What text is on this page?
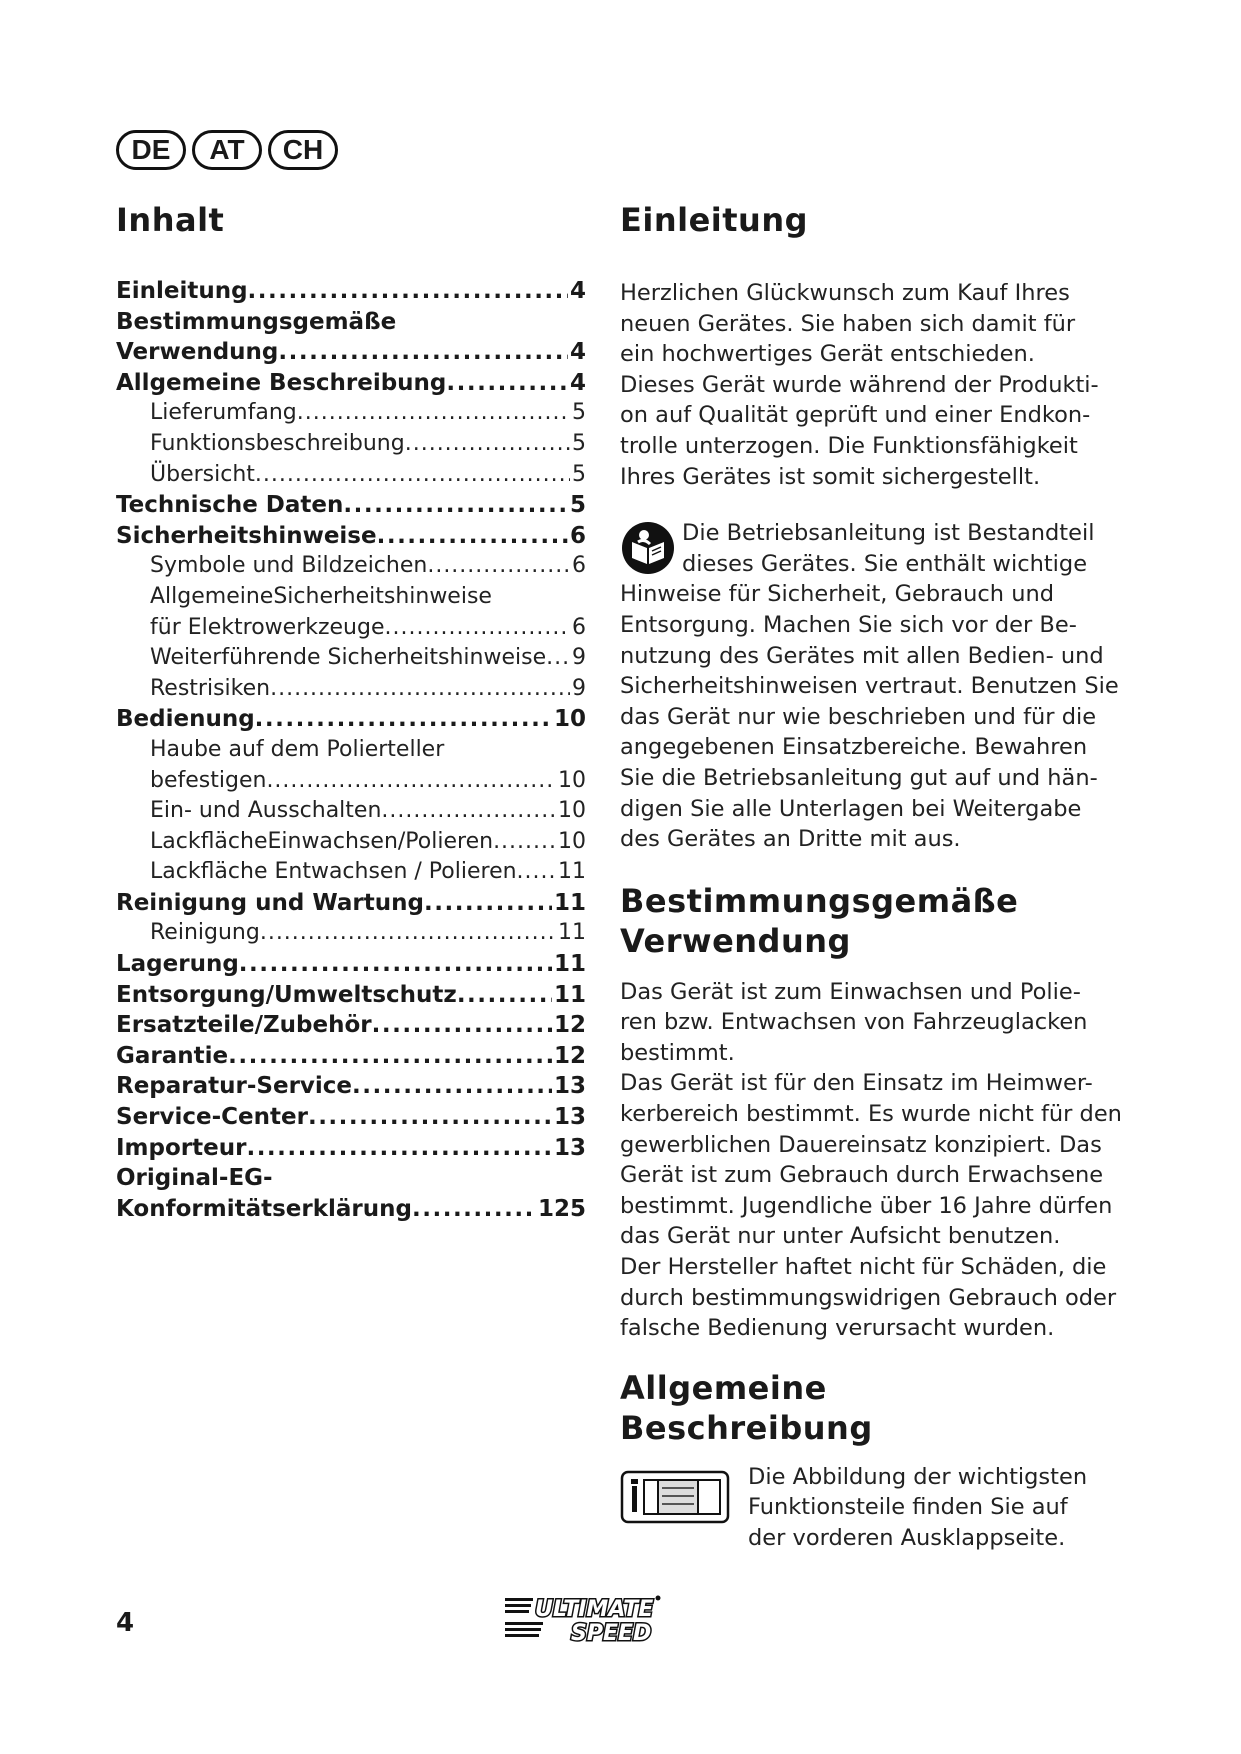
DE	AT	CH
Inhalt
Einleitung .....	4
Bestimmungsgemäße
Verwendung .....	4
Allgemeine Beschreibung .....	4
Lieferumfang .....	5
Funktionsbeschreibung .....	5
Übersicht .....	5
Technische Daten .....	5
Sicherheitshinweise .....	6
Symbole und Bildzeichen .....	6
AllgemeineSicherheitshinweise
für Elektrowerkzeuge .....	6
Weiterführende Sicherheitshinweise ..... 9
Restrisiken .....	9
Bedienung .....	10
Haube auf dem Polierteller
befestigen .....	10
Ein- und Ausschalten .....	10
LackflächeEinwachsen/Polieren .....	10
Lackfläche Entwachsen / Polieren ..... 11
Reinigung und Wartung .....	11
Reinigung .....	11
Lagerung .....	11
Entsorgung/Umweltschutz .....	11
Ersatzteile/Zubehör .....	12
Garantie .....	12
Reparatur-Service .....	13
Service-Center .....	13
Importeur .....	13
Original-EG-
Konformitätserklärung .....	125
Einleitung

Herzlichen Glückwunsch zum Kauf Ihres
neuen Gerätes. Sie haben sich damit für
ein hochwertiges Gerät entschieden.
Dieses Gerät wurde während der Produkti-
on auf Qualität geprüft und einer Endkon-
trolle unterzogen. Die Funktionsfähigkeit
Ihres Gerätes ist somit sichergestellt.

Die Betriebsanleitung ist Bestandteil
dieses Gerätes. Sie enthält wichtige
Hinweise für Sicherheit, Gebrauch und
Entsorgung. Machen Sie sich vor der Be-
nutzung des Gerätes mit allen Bedien- und
Sicherheitshinweisen vertraut. Benutzen Sie
das Gerät nur wie beschrieben und für die
angegebenen Einsatzbereiche. Bewahren
Sie die Betriebsanleitung gut auf und hän-
digen Sie alle Unterlagen bei Weitergabe
des Gerätes an Dritte mit aus.

Bestimmungsgemäße
Verwendung

Das Gerät ist zum Einwachsen und Polie-
ren bzw. Entwachsen von Fahrzeuglacken
bestimmt.
Das Gerät ist für den Einsatz im Heimwer-
kerbereich bestimmt. Es wurde nicht für den
gewerblichen Dauereinsatz konzipiert. Das
Gerät ist zum Gebrauch durch Erwachsene
bestimmt. Jugendliche über 16 Jahre dürfen
das Gerät nur unter Aufsicht benutzen.
Der Hersteller haftet nicht für Schäden, die
durch bestimmungswidrigen Gebrauch oder
falsche Bedienung verursacht wurden.

Allgemeine
Beschreibung

Die Abbildung der wichtigsten
Funktionsteile finden Sie auf
der vorderen Ausklappseite.

4	ULTIMATE
SPEED
